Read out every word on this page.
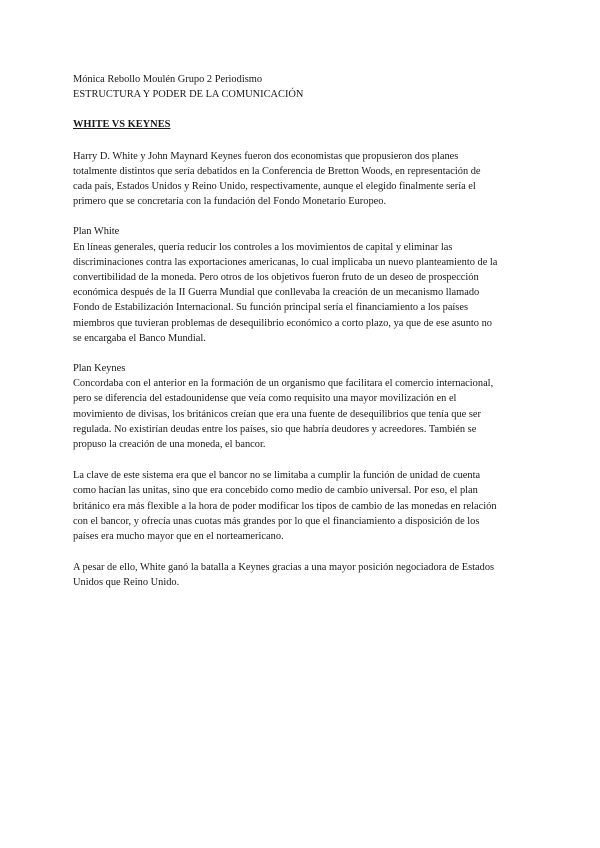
Mónica Rebollo Moulén Grupo 2 Periodismo
ESTRUCTURA Y PODER DE LA COMUNICACIÓN
WHITE VS KEYNES
Harry D. White y John Maynard Keynes fueron dos economistas que propusieron dos planes
totalmente distintos que sería debatidos en la Conferencia de Bretton Woods, en representación de
cada país, Estados Unidos y Reino Unido, respectivamente, aunque el elegido finalmente sería el
primero que se concretaría con la fundación del Fondo Monetario Europeo.
Plan White
En líneas generales, quería reducir los controles a los movimientos de capital y eliminar las
discriminaciones contra las exportaciones americanas, lo cual implicaba un nuevo planteamiento de la
convertibilidad de la moneda. Pero otros de los objetivos fueron fruto de un deseo de prospección
económica después de la II Guerra Mundial que conllevaba la creación de un mecanismo llamado
Fondo de Estabilización Internacional. Su función principal sería el financiamiento a los países
miembros que tuvieran problemas de desequilibrio económico a corto plazo, ya que de ese asunto no
se encargaba el Banco Mundial.
Plan Keynes
Concordaba con el anterior en la formación de un organismo que facilitara el comercio internacional,
pero se diferencia del estadounidense que veía como requisito una mayor movilización en el
movimiento de divisas, los británicos creían que era una fuente de desequilibrios que tenía que ser
regulada. No existirían deudas entre los países, sio que habría deudores y acreedores. También se
propuso la creación de una moneda, el bancor.
La clave de este sistema era que el bancor no se limitaba a cumplir la función de unidad de cuenta
como hacían las unitas, sino que era concebido como medio de cambio universal. Por eso, el plan
británico era más flexible a la hora de poder modificar los tipos de cambio de las monedas en relación
con el bancor, y ofrecía unas cuotas más grandes por lo que el financiamiento a disposición de los
países era mucho mayor que en el norteamericano.
A pesar de ello, White ganó la batalla a Keynes gracias a una mayor posición negociadora de Estados
Unidos que Reino Unido.
